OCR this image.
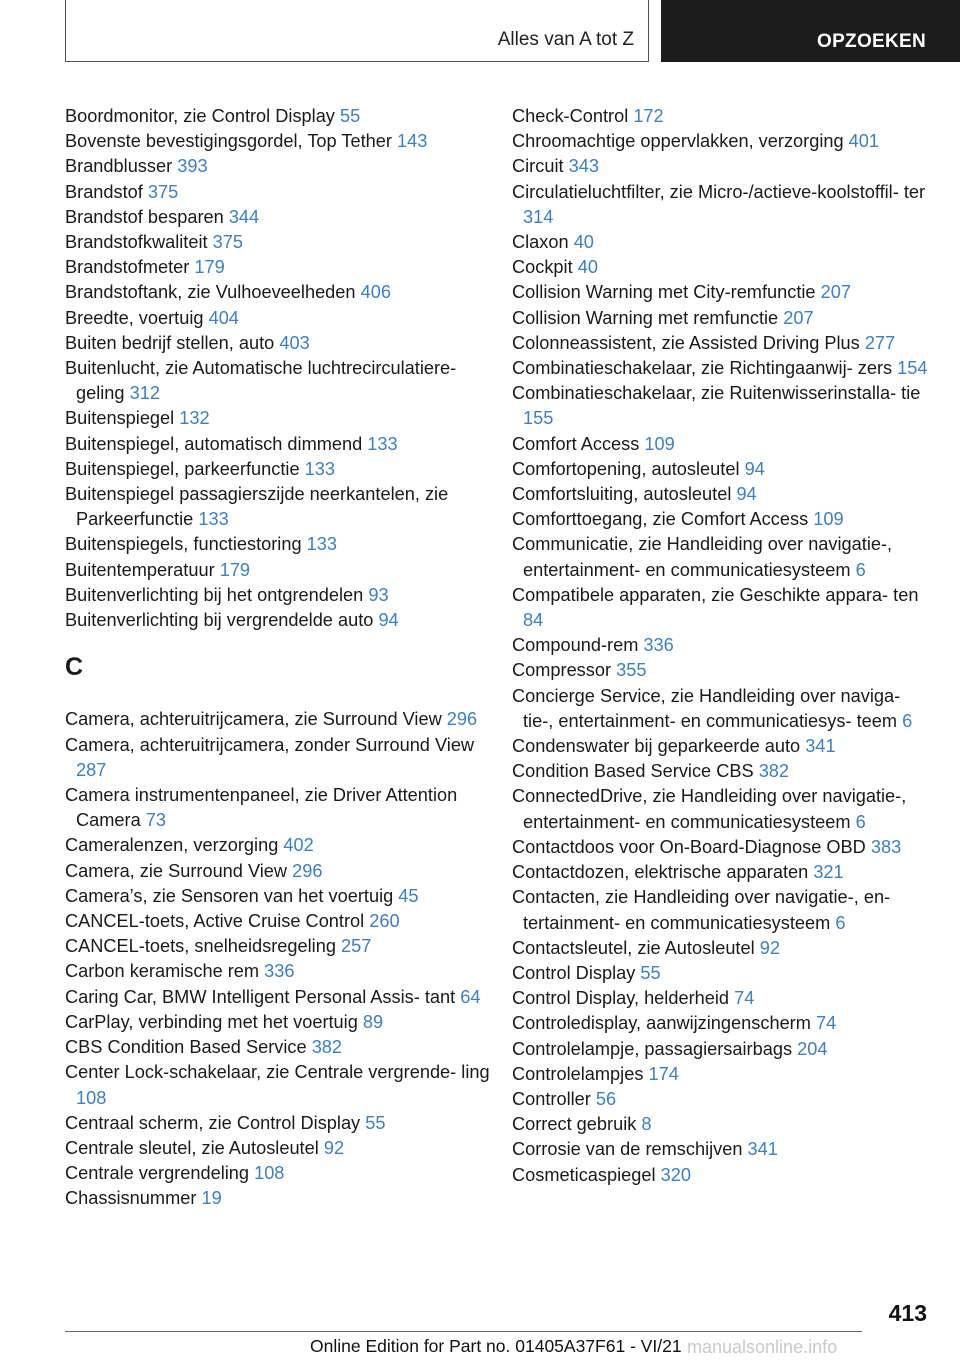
Alles van A tot Z	OPZOEKEN
Boordmonitor, zie Control Display 55
Bovenste bevestigingsgordel, Top Tether 143
Brandblusser 393
Brandstof 375
Brandstof besparen 344
Brandstofkwaliteit 375
Brandstofmeter 179
Brandstoftank, zie Vulhoeveelheden 406
Breedte, voertuig 404
Buiten bedrijf stellen, auto 403
Buitenlucht, zie Automatische luchtrecirculatiere- geling 312
Buitenspiegel 132
Buitenspiegel, automatisch dimmend 133
Buitenspiegel, parkeerfunctie 133
Buitenspiegel passagierszijde neerkantelen, zie Parkeerfunctie 133
Buitenspiegels, functiestoring 133
Buitentemperatuur 179
Buitenverlichting bij het ontgrendelen 93
Buitenverlichting bij vergrendelde auto 94
C
Camera, achteruitrijcamera, zie Surround View 296
Camera, achteruitrijcamera, zonder Surround View 287
Camera instrumentenpaneel, zie Driver Attention Camera 73
Cameralenzen, verzorging 402
Camera, zie Surround View 296
Camera’s, zie Sensoren van het voertuig 45
CANCEL-toets, Active Cruise Control 260
CANCEL-toets, snelheidsregeling 257
Carbon keramische rem 336
Caring Car, BMW Intelligent Personal Assis- tant 64
CarPlay, verbinding met het voertuig 89
CBS Condition Based Service 382
Center Lock-schakelaar, zie Centrale vergrende- ling 108
Centraal scherm, zie Control Display 55
Centrale sleutel, zie Autosleutel 92
Centrale vergrendeling 108
Chassisnummer 19
Check-Control 172
Chroomachtige oppervlakken, verzorging 401
Circuit 343
Circulatieluchtfilter, zie Micro-/actieve-koolstoffil- ter 314
Claxon 40
Cockpit 40
Collision Warning met City-remfunctie 207
Collision Warning met remfunctie 207
Colonneassistent, zie Assisted Driving Plus 277
Combinatieschakelaar, zie Richtingaanwij- zers 154
Combinatieschakelaar, zie Ruitenwisserinstalla- tie 155
Comfort Access 109
Comfortopening, autosleutel 94
Comfortsluiting, autosleutel 94
Comforttoegang, zie Comfort Access 109
Communicatie, zie Handleiding over navigatie-, entertainment- en communicatiesysteem 6
Compatibele apparaten, zie Geschikte appara- ten 84
Compound-rem 336
Compressor 355
Concierge Service, zie Handleiding over naviga- tie-, entertainment- en communicatiesys- teem 6
Condenswater bij geparkeerde auto 341
Condition Based Service CBS 382
ConnectedDrive, zie Handleiding over navigatie-, entertainment- en communicatiesysteem 6
Contactdoos voor On-Board-Diagnose OBD 383
Contactdozen, elektrische apparaten 321
Contacten, zie Handleiding over navigatie-, en- tertainment- en communicatiesysteem 6
Contactsleutel, zie Autosleutel 92
Control Display 55
Control Display, helderheid 74
Controledisplay, aanwijzingenscherm 74
Controlelampje, passagiersairbags 204
Controlelampjes 174
Controller 56
Correct gebruik 8
Corrosie van de remschijven 341
Cosmeticaspiegel 320
413
Online Edition for Part no. 01405A37F61 - VI/21 manualsonline.info
